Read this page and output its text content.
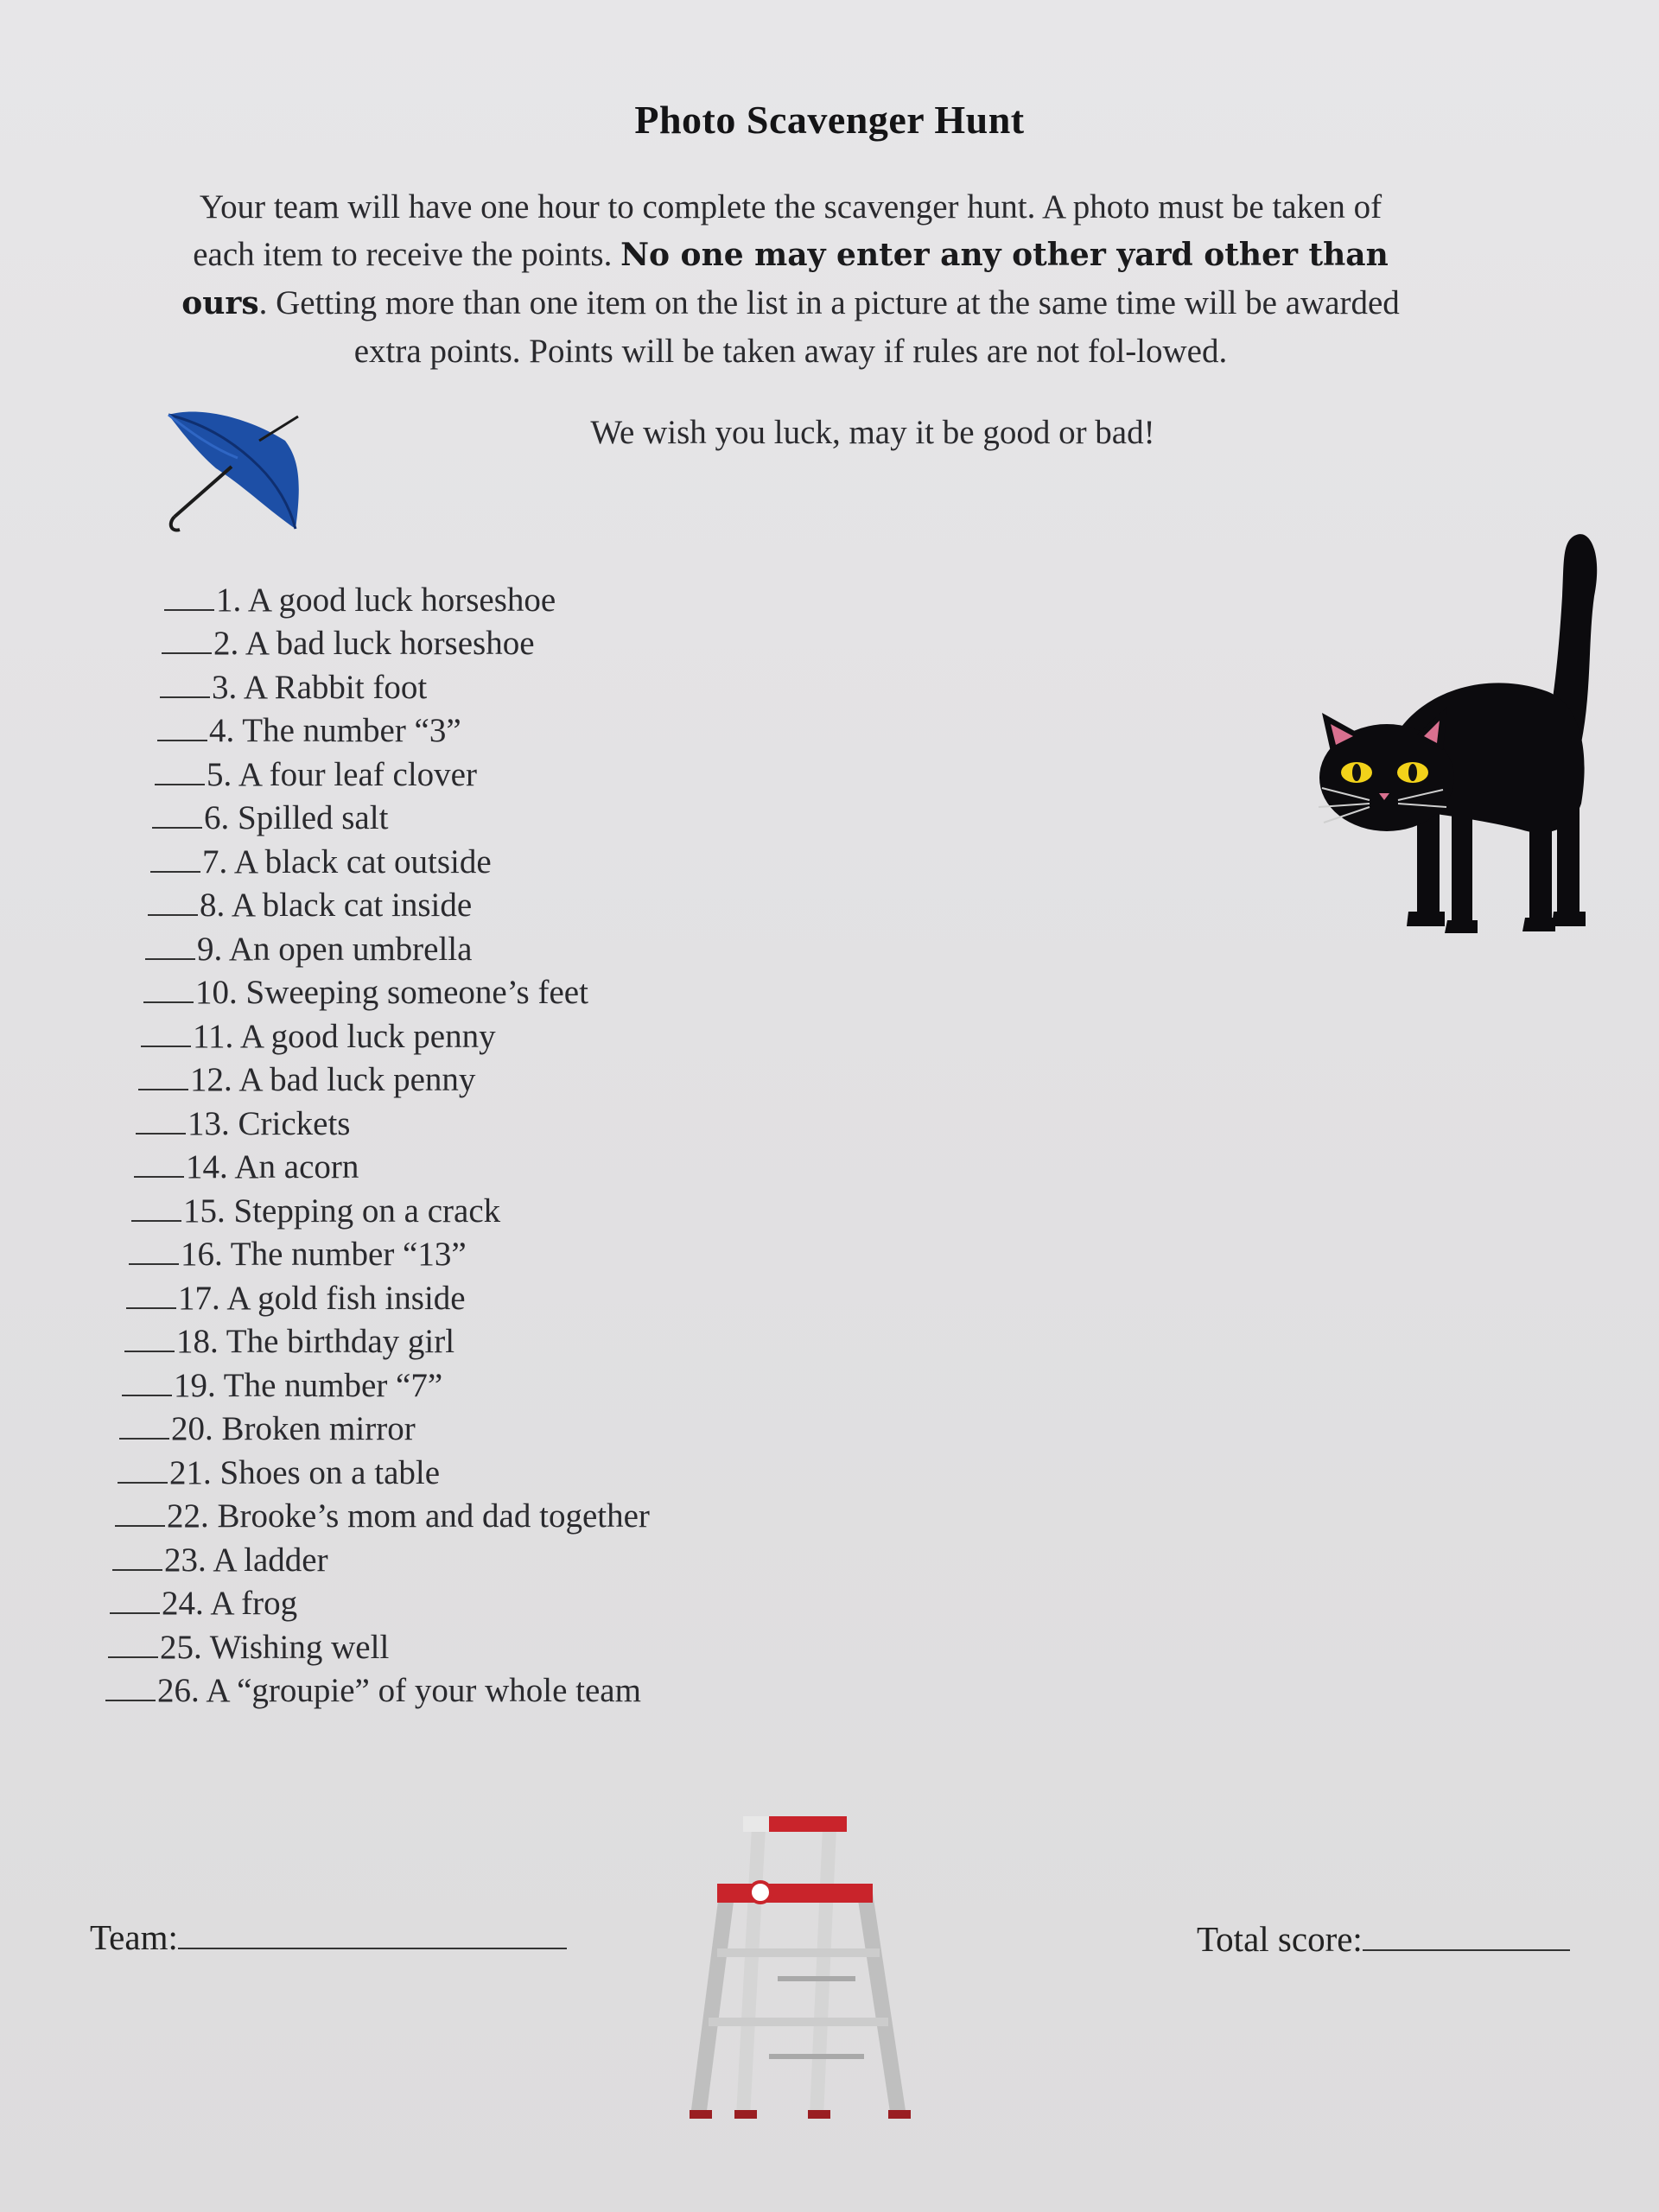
Photo Scavenger Hunt

Your team will have one hour to complete the scavenger hunt. A photo must be taken of each item to receive the points. No one may enter any other yard other than ours. Getting more than one item on the list in a picture at the same time will be awarded extra points. Points will be taken away if rules are not fol-lowed.

We wish you luck, may it be good or bad!
1. A good luck horseshoe
2. A bad luck horseshoe
3. A Rabbit foot
4. The number “3”
5. A four leaf clover
6. Spilled salt
7. A black cat outside
8. A black cat inside
9. An open umbrella
10. Sweeping someone’s feet
11. A good luck penny
12. A bad luck penny
13. Crickets
14. An acorn
15. Stepping on a crack
16. The number “13”
17. A gold fish inside
18. The birthday girl
19. The number “7”
20. Broken mirror
21. Shoes on a table
22. Brooke’s mom and dad together
23. A ladder
24. A frog
25. Wishing well
26. A “groupie” of your whole team
Team:	Total score:
